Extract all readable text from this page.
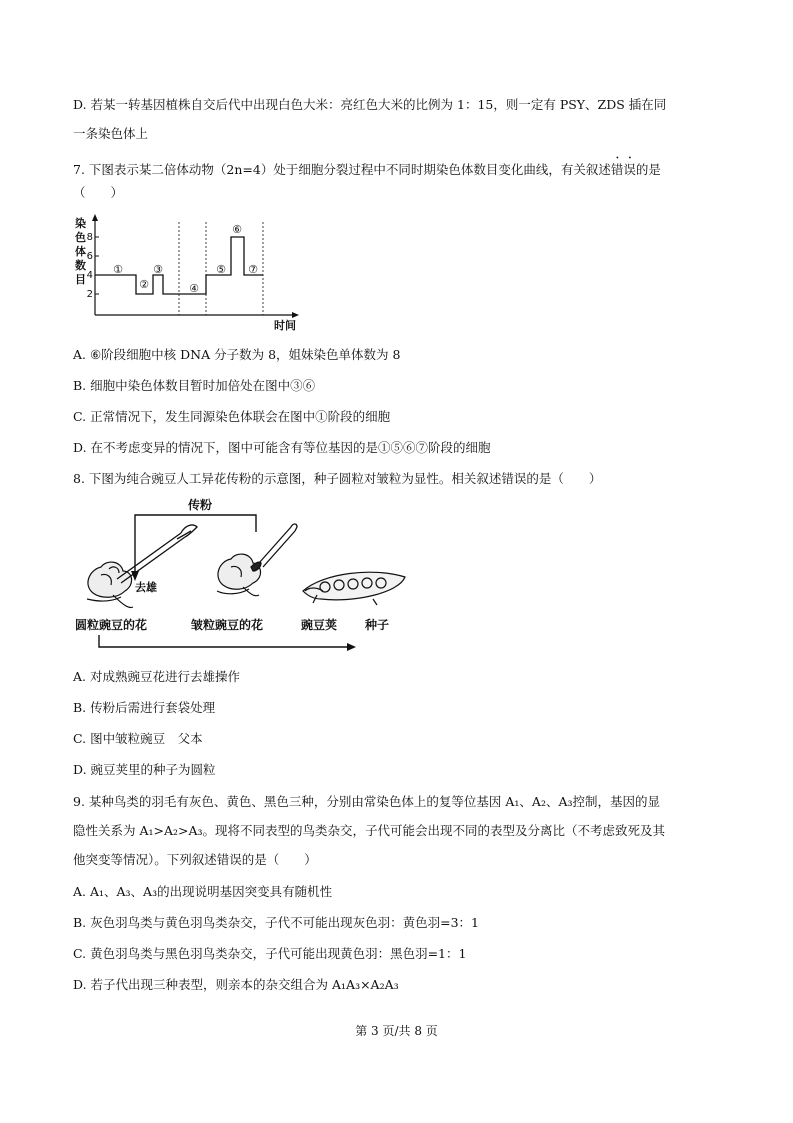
D. 若某一转基因植株自交后代中出现白色大米：亮红色大米的比例为 1：15，则一定有 PSY、ZDS 插在同
一条染色体上
7. 下图表示某二倍体动物（2n=4）处于细胞分裂过程中不同时期染色体数目变化曲线，有关叙述错误的是
（　　）
染
色
体
数
目
8
6
4
2
①
②
③
④
⑤
⑥
⑦
时间
A. ⑥阶段细胞中核 DNA 分子数为 8，姐妹染色单体数为 8
B. 细胞中染色体数目暂时加倍处在图中③⑥
C. 正常情况下，发生同源染色体联会在图中①阶段的细胞
D. 在不考虑变异的情况下，图中可能含有等位基因的是①⑤⑥⑦阶段的细胞
8. 下图为纯合豌豆人工异花传粉的示意图，种子圆粒对皱粒为显性。相关叙述错误的是（　　）
传粉
去雄
圆粒豌豆的花	皱粒豌豆的花	豌豆荚 种子
A. 对成熟豌豆花进行去雄操作
B. 传粉后需进行套袋处理
C. 图中皱粒豌豆　父本
D. 豌豆荚里的种子为圆粒
9. 某种鸟类的羽毛有灰色、黄色、黑色三种，分别由常染色体上的复等位基因 A₁、A₂、A₃控制，基因的显
隐性关系为 A₁>A₂>A₃。现将不同表型的鸟类杂交，子代可能会出现不同的表型及分离比（不考虑致死及其
他突变等情况）。下列叙述错误的是（　　）
A. A₁、A₃、A₃的出现说明基因突变具有随机性
B. 灰色羽鸟类与黄色羽鸟类杂交，子代不可能出现灰色羽：黄色羽=3：1
C. 黄色羽鸟类与黑色羽鸟类杂交，子代可能出现黄色羽：黑色羽=1：1
D. 若子代出现三种表型，则亲本的杂交组合为 A₁A₃×A₂A₃
第 3 页/共 8 页
